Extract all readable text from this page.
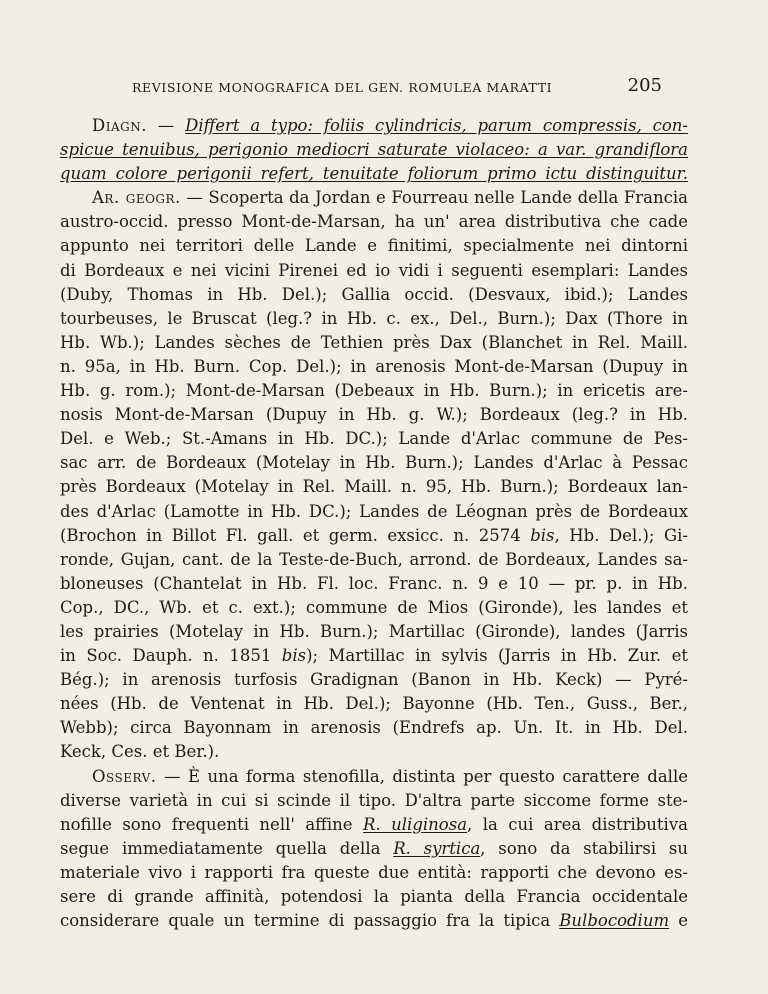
REVISIONE MONOGRAFICA DEL GEN. ROMULEA MARATTI	205
Diagn. — Differt a typo: foliis cylindricis, parum compressis, con-
spicue tenuibus, perigonio mediocri saturate violaceo: a var. grandiflora
quam colore perigonii refert, tenuitate foliorum primo ictu distinguitur.
Ar. geogr. — Scoperta da Jordan e Fourreau nelle Lande della Francia
austro-occid. presso Mont-de-Marsan, ha un' area distributiva che cade
appunto nei territori delle Lande e finitimi, specialmente nei dintorni
di Bordeaux e nei vicini Pirenei ed io vidi i seguenti esemplari: Landes
(Duby, Thomas in Hb. Del.); Gallia occid. (Desvaux, ibid.); Landes
tourbeuses, le Bruscat (leg.? in Hb. c. ex., Del., Burn.); Dax (Thore in
Hb. Wb.); Landes sèches de Tethien près Dax (Blanchet in Rel. Maill.
n. 95a, in Hb. Burn. Cop. Del.); in arenosis Mont-de-Marsan (Dupuy in
Hb. g. rom.); Mont-de-Marsan (Debeaux in Hb. Burn.); in ericetis are-
nosis Mont-de-Marsan (Dupuy in Hb. g. W.); Bordeaux (leg.? in Hb.
Del. e Web.; St.-Amans in Hb. DC.); Lande d'Arlac commune de Pes-
sac arr. de Bordeaux (Motelay in Hb. Burn.); Landes d'Arlac à Pessac
près Bordeaux (Motelay in Rel. Maill. n. 95, Hb. Burn.); Bordeaux lan-
des d'Arlac (Lamotte in Hb. DC.); Landes de Léognan près de Bordeaux
(Brochon in Billot Fl. gall. et germ. exsicc. n. 2574 bis, Hb. Del.); Gi-
ronde, Gujan, cant. de la Teste-de-Buch, arrond. de Bordeaux, Landes sa-
bloneuses (Chantelat in Hb. Fl. loc. Franc. n. 9 e 10 — pr. p. in Hb.
Cop., DC., Wb. et c. ext.); commune de Mios (Gironde), les landes et
les prairies (Motelay in Hb. Burn.); Martillac (Gironde), landes (Jarris
in Soc. Dauph. n. 1851 bis); Martillac in sylvis (Jarris in Hb. Zur. et
Bég.); in arenosis turfosis Gradignan (Banon in Hb. Keck) — Pyré-
nées (Hb. de Ventenat in Hb. Del.); Bayonne (Hb. Ten., Guss., Ber.,
Webb); circa Bayonnam in arenosis (Endrefs ap. Un. It. in Hb. Del.
Keck, Ces. et Ber.).
Osserv. — È una forma stenofilla, distinta per questo carattere dalle
diverse varietà in cui si scinde il tipo. D'altra parte siccome forme ste-
nofille sono frequenti nell' affine R. uliginosa, la cui area distributiva
segue immediatamente quella della R. syrtica, sono da stabilirsi su
materiale vivo i rapporti fra queste due entità: rapporti che devono es-
sere di grande affinità, potendosi la pianta della Francia occidentale
considerare quale un termine di passaggio fra la tipica Bulbocodium e
